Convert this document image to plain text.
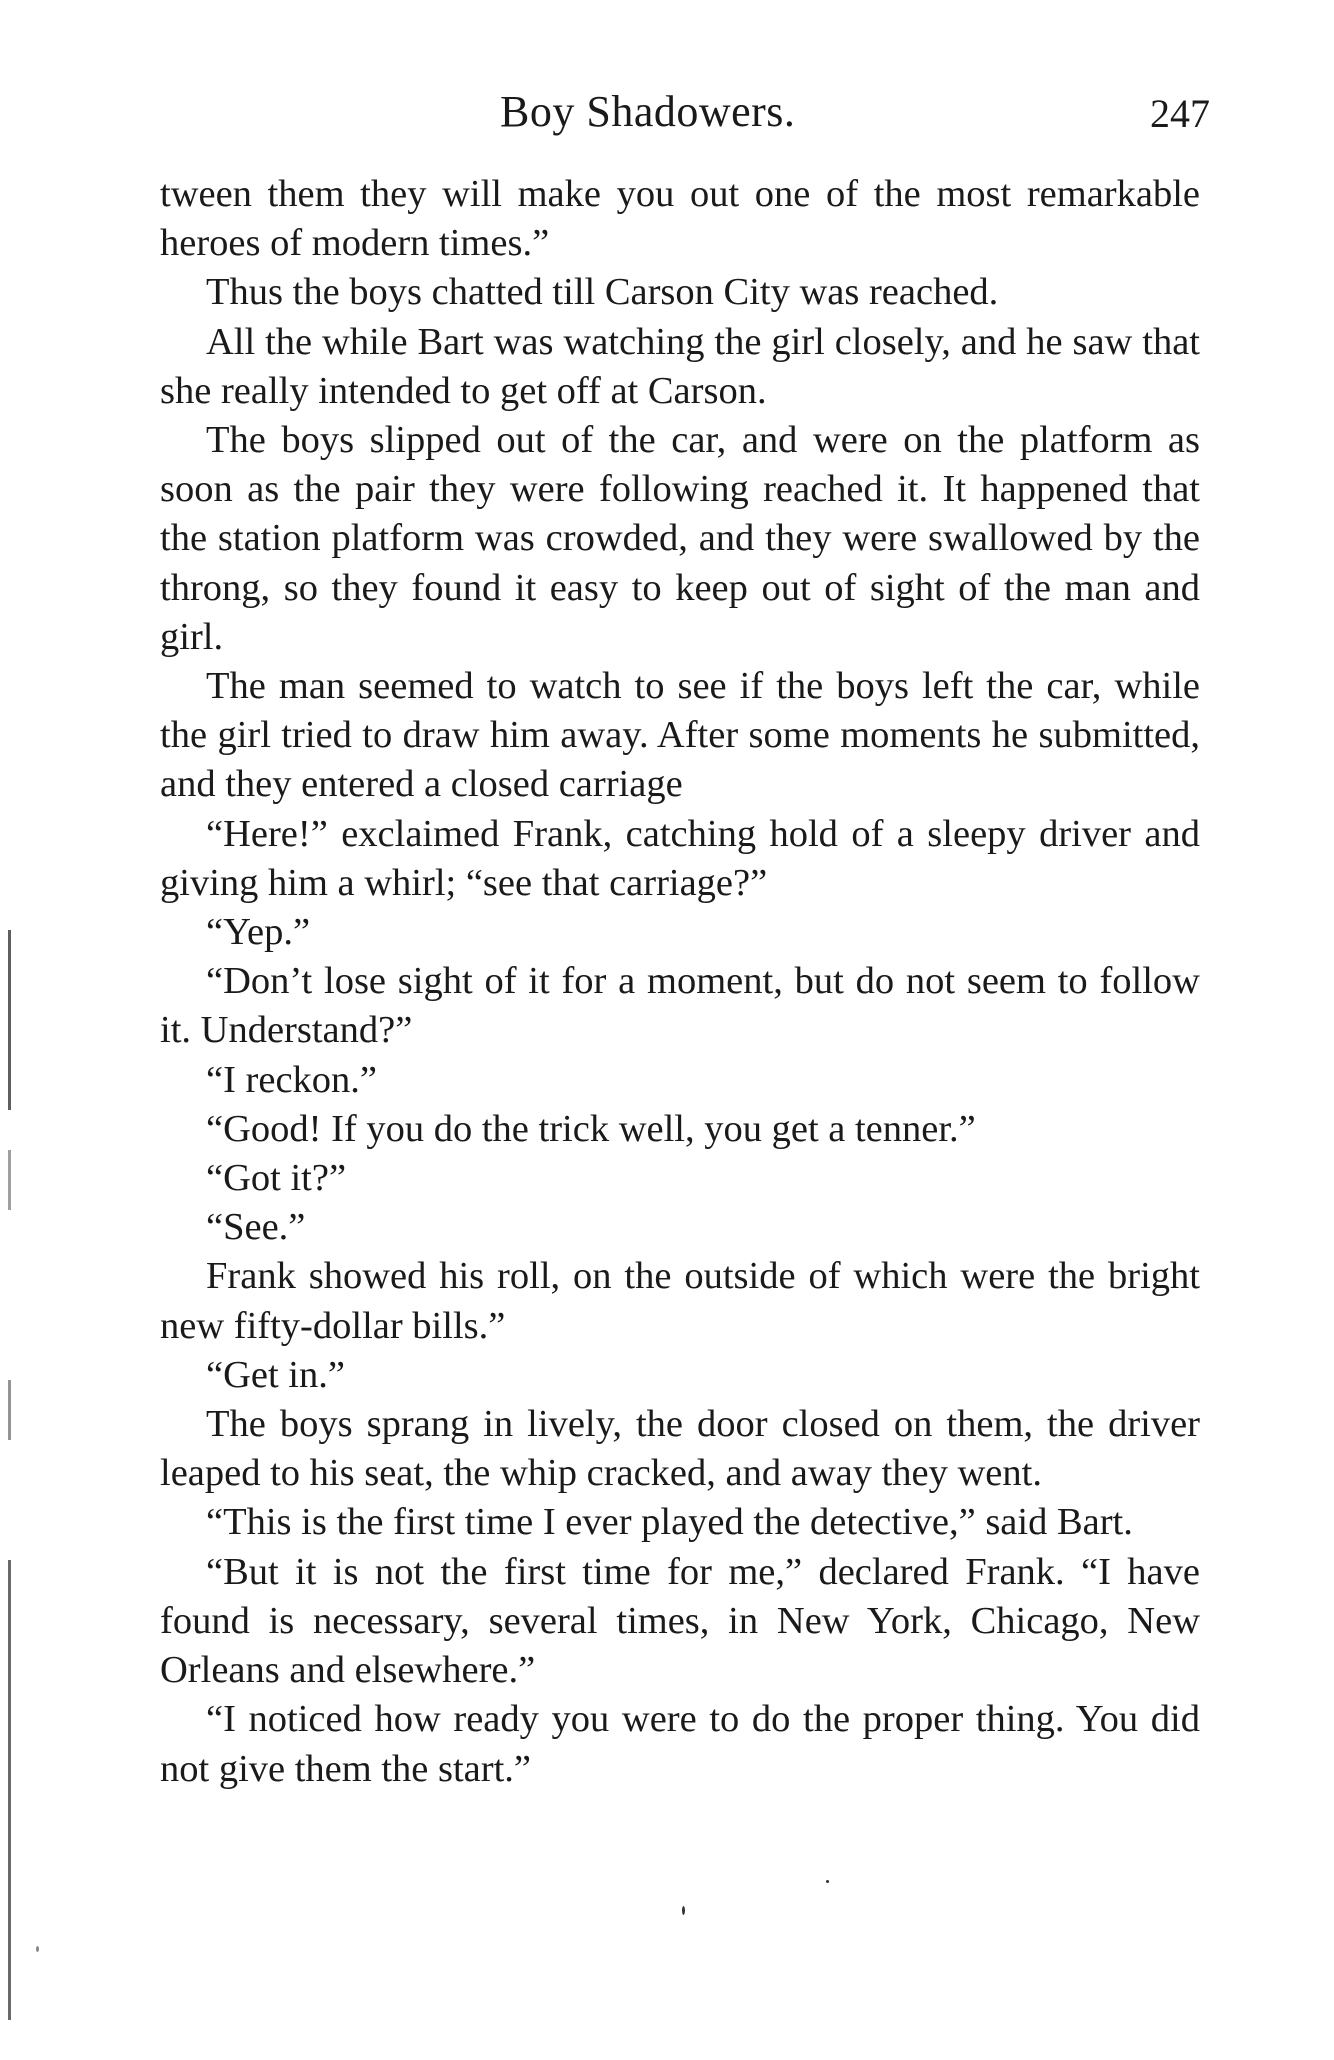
Boy Shadowers.	247

tween them they will make you out one of the most remarkable heroes of modern times.”

Thus the boys chatted till Carson City was reached.

All the while Bart was watching the girl closely, and he saw that she really intended to get off at Carson.

The boys slipped out of the car, and were on the platform as soon as the pair they were following reached it. It happened that the station platform was crowded, and they were swallowed by the throng, so they found it easy to keep out of sight of the man and girl.

The man seemed to watch to see if the boys left the car, while the girl tried to draw him away. After some moments he submitted, and they entered a closed carriage

“Here!” exclaimed Frank, catching hold of a sleepy driver and giving him a whirl; “see that carriage?”

“Yep.”

“Don’t lose sight of it for a moment, but do not seem to follow it. Understand?”

“I reckon.”

“Good! If you do the trick well, you get a tenner.”

“Got it?”

“See.”

Frank showed his roll, on the outside of which were the bright new fifty-dollar bills.”

“Get in.”

The boys sprang in lively, the door closed on them, the driver leaped to his seat, the whip cracked, and away they went.

“This is the first time I ever played the detective,” said Bart.

“But it is not the first time for me,” declared Frank. “I have found is necessary, several times, in New York, Chicago, New Orleans and elsewhere.”

“I noticed how ready you were to do the proper thing. You did not give them the start.”
